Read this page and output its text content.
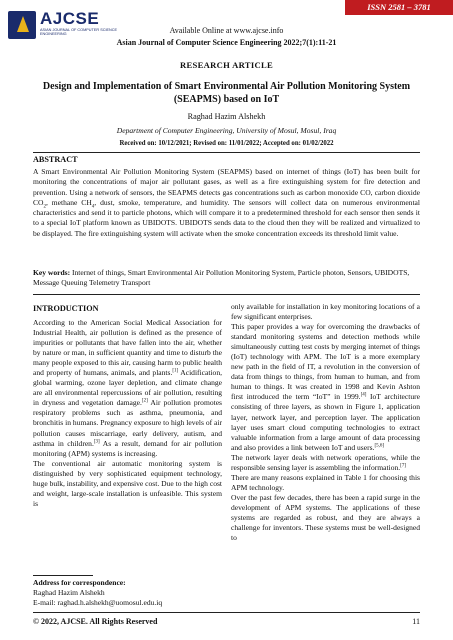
ISSN 2581 – 3781
AJCSE
ASIAN JOURNAL OF COMPUTER SCIENCE ENGINEERING	Available Online at www.ajcse.info
Asian Journal of Computer Science Engineering 2022;7(1):11-21
RESEARCH ARTICLE
Design and Implementation of Smart Environmental Air Pollution Monitoring System (SEAPMS) based on IoT
Raghad Hazim Alshekh
Department of Computer Engineering, University of Mosul, Mosul, Iraq
Received on: 10/12/2021; Revised on: 11/01/2022; Accepted on: 01/02/2022
ABSTRACT
A Smart Environmental Air Pollution Monitoring System (SEAPMS) based on internet of things (IoT) has been built for monitoring the concentrations of major air pollutant gases, as well as a fire extinguishing system for fire detection and prevention. Using a network of sensors, the SEAPMS detects gas concentrations such as carbon monoxide CO, carbon dioxide $CO_2$, methane $CH_4$, dust, smoke, temperature, and humidity. The sensors will collect data on numerous environmental characteristics and send it to particle photons, which will compare it to a predetermined threshold for each sensor then sends it to a special IoT platform known as UBIDOTS. UBIDOTS sends data to the cloud then they will be realized and virtualized to be displayed. The fire extinguishing system will activate when the smoke concentration exceeds its threshold limit value.
Key words: Internet of things, Smart Environmental Air Pollution Monitoring System, Particle photon, Sensors, UBIDOTS, Message Queuing Telemetry Transport
INTRODUCTION

According to the American Social Medical Association for Industrial Health, air pollution is defined as the presence of impurities or pollutants that have fallen into the air, whether by nature or man, in sufficient quantity and time to disturb the many people exposed to this air, causing harm to public health and property of humans, animals, and plants.[1] Acidification, global warming, ozone layer depletion, and climate change are all environmental repercussions of air pollution, resulting in dryness and vegetation damage.[2] Air pollution promotes respiratory problems such as asthma, pneumonia, and bronchitis in humans. Pregnancy exposure to high levels of air pollution causes miscarriage, early delivery, autism, and asthma in children.[3] As a result, demand for air pollution monitoring (APM) systems is increasing.

The conventional air automatic monitoring system is distinguished by very sophisticated equipment technology, huge bulk, instability, and expensive cost. Due to the high cost and weight, large-scale installation is unfeasible. This system is

only available for installation in key monitoring locations of a few significant enterprises.

This paper provides a way for overcoming the drawbacks of standard monitoring systems and detection methods while simultaneously cutting test costs by merging internet of things (IoT) technology with APM. The IoT is a more exemplary new path in the field of IT, a revolution in the conversion of data from things to things, from human to human, and from human to things. It was created in 1998 and Kevin Ashton first introduced the term “IoT” in 1999.[4] IoT architecture consisting of three layers, as shown in Figure 1, application layer, network layer, and perception layer. The application layer uses smart cloud computing technologies to extract valuable information from a large amount of data processing and also provides a link between IoT and users.[5,6]

The network layer deals with network operations, while the responsible sensing layer is assembling the information.[7]

There are many reasons explained in Table 1 for choosing this APM technology.

Over the past few decades, there has been a rapid surge in the development of APM systems. The applications of these systems are regarded as robust, and they are always a challenge for inventors. These systems must be well-designed to

Address for correspondence:
Raghad Hazim Alshekh
E-mail: raghad.h.alshekh@uomosul.edu.iq
© 2022, AJCSE. All Rights Reserved	11
